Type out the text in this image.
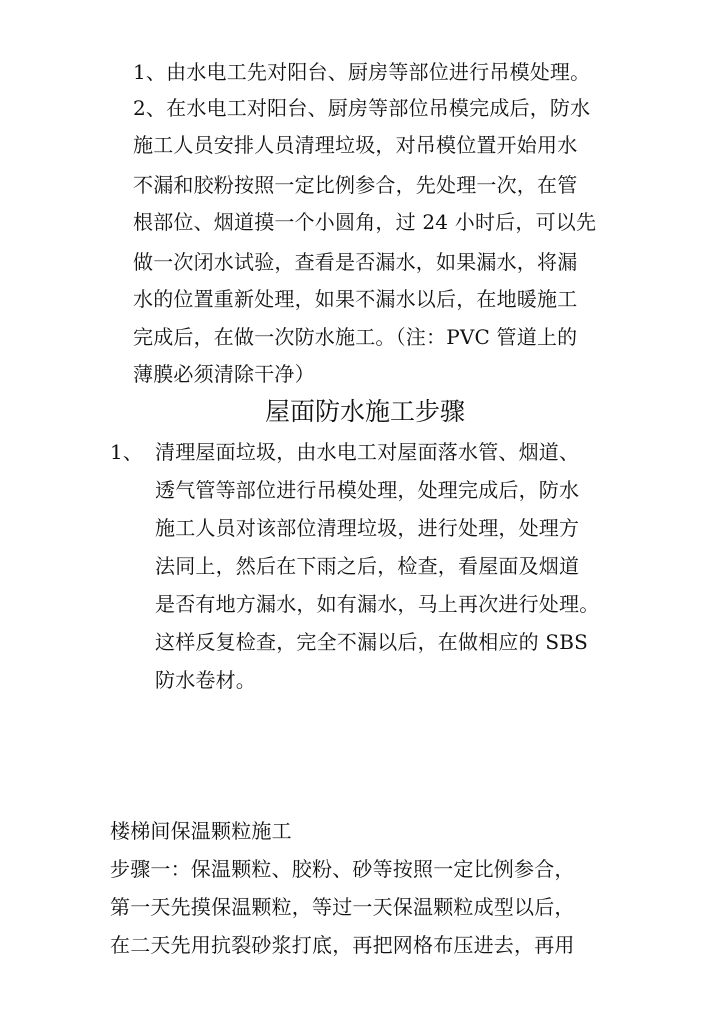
1、由水电工先对阳台、厨房等部位进行吊模处理。
2、在水电工对阳台、厨房等部位吊模完成后，防水
施工人员安排人员清理垃圾，对吊模位置开始用水
不漏和胶粉按照一定比例参合，先处理一次，在管
根部位、烟道摸一个小圆角，过 24 小时后，可以先
做一次闭水试验，查看是否漏水，如果漏水，将漏
水的位置重新处理，如果不漏水以后，在地暖施工
完成后，在做一次防水施工。（注：PVC 管道上的
薄膜必须清除干净）
屋面防水施工步骤
1、 清理屋面垃圾，由水电工对屋面落水管、烟道、
透气管等部位进行吊模处理，处理完成后，防水
施工人员对该部位清理垃圾，进行处理，处理方
法同上，然后在下雨之后，检查，看屋面及烟道
是否有地方漏水，如有漏水，马上再次进行处理。
这样反复检查，完全不漏以后，在做相应的 SBS
防水卷材。
楼梯间保温颗粒施工
步骤一：保温颗粒、胶粉、砂等按照一定比例参合，
第一天先摸保温颗粒，等过一天保温颗粒成型以后，
在二天先用抗裂砂浆打底，再把网格布压进去，再用
